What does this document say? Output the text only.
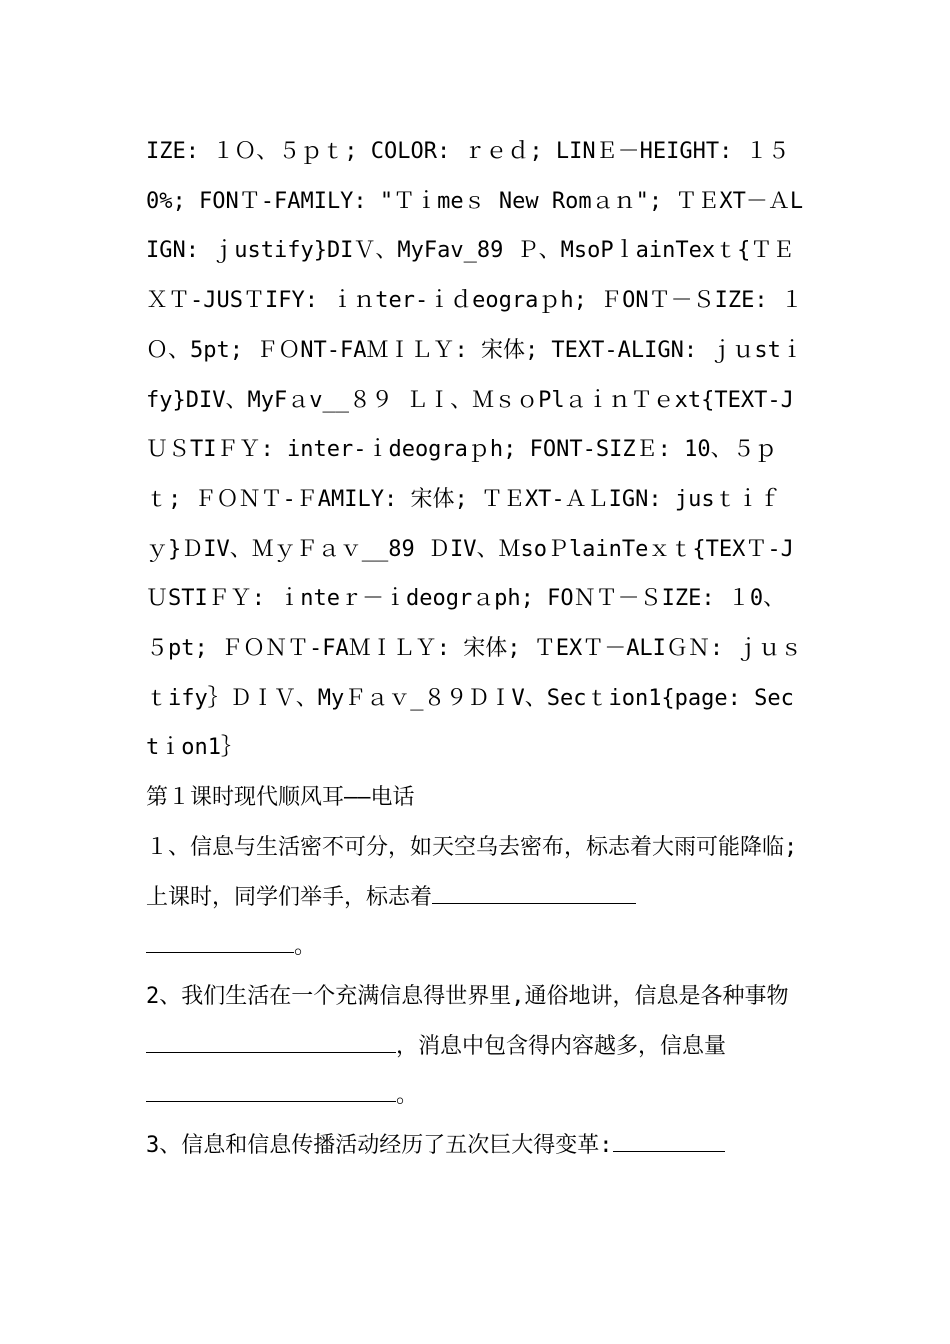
IZE: １Ｏ、５ｐｔ; COLOR: ｒｅｄ; LINＥ－HEIGHT: １５0%; FONＴ-FAMILY: "Ｔｉmeｓ New Romａｎ"; ＴＥXT－ＡLIGN: ｊustify}DIＶ、MyFav_89 Ｐ、MsoPｌainTexｔ{ＴＥＸＴ-JUSＴIFY: ｉｎter-ｉｄeograｐh; ＦONＴ－ＳIZE: １Ｏ、5pt; ＦＯNT-FAＭＩＬＹ: 宋体; TEXT-ALIGN: ｊｕstｉfy}DIV、MyFａv__８９ ＬＩ、ＭｓｏPlａｉｎＴｅxt{TEXT-JＵＳTIＦＹ: inter-ｉdeograｐh; FONT-SIZＥ: 10、５ｐｔ; ＦＯＮＴ-ＦAMILY: 宋体; ＴＥXT-ＡＬIGN: jusｔｉｆｙ}ＤIV、ＭｙＦａｖ__89 ＤIV、ＭsoＰlainTeｘｔ{TEXＴ-JＵSTIＦＹ: ｉnteｒ－ｉdeogrａph; FOＮＴ－ＳIZE: １0、５pt; ＦＯＮＴ-FAＭＩＬＹ: 宋体; ＴEXＴ－ALIＧＮ: ｊｕｓｔify｝ＤＩＶ、MyＦａｖ_８９ＤＩV、Secｔion1{page: Sectｉon1｝

第１课时现代顺风耳——电话

１、信息与生活密不可分，如天空乌去密布，标志着大雨可能降临;上课时，同学们举手，标志着
。

2、我们生活在一个充满信息得世界里,通俗地讲，信息是各种事物，消息中包含得内容越多，信息量。

3、信息和信息传播活动经历了五次巨大得变革:
